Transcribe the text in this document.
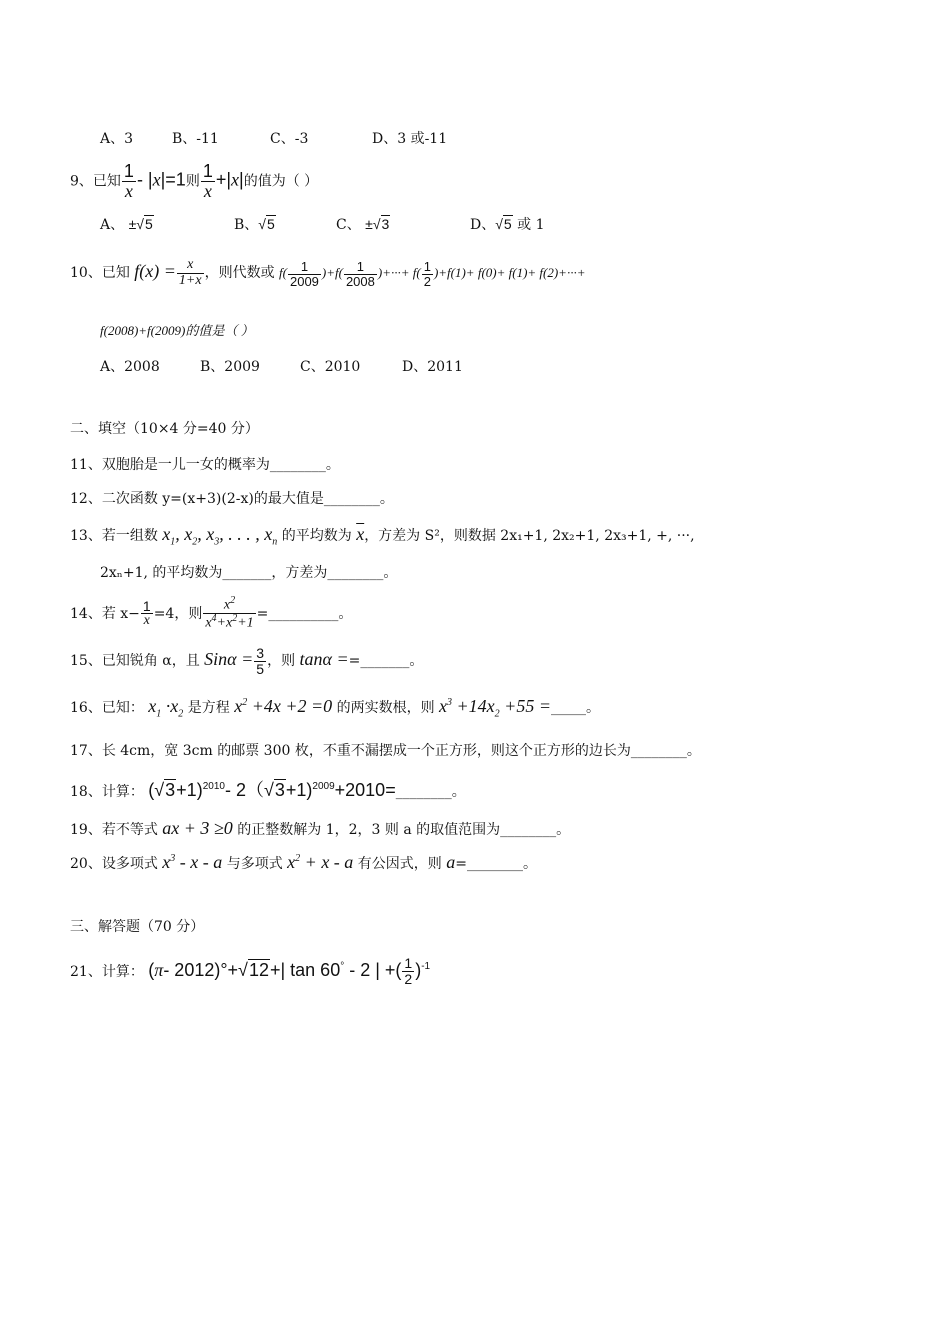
A、3	B、-11	C、-3	D、3 或-11
9、已知 $\frac{1}{x} - |x|=1$则 $\frac{1}{x} +|x|$的值为（ ）
A、 ±√5	B、√5	C、 ±√3	D、√5 或 1
10、已知 $f(x) = \frac{x}{1+x}$ ，则代数或 $f( \frac{1}{2009} )+f( \frac{1}{2008}$ )+···+ $f( \frac{1}{2} )+f(1)+ f(0)+ f(1)+ f(2)+\cdot\cdot\cdot+$
f(2008)+f(2009)的值是（ ）
A、2008	B、2009	C、2010	D、2011
二、填空（10×4 分=40 分）
11、双胞胎是一儿一女的概率为________。
12、二次函数 y=(x+3)(2-x)的最大值是________。
13、若一组数 $x_1$, $x_2$, $x_3$, . . . , $x_n$ 的平均数为 $\overline{x}$，方差为 S²，则数据 2x₁+1, 2x₂+1, 2x₃+1, +, ···,
2xₙ+1, 的平均数为_______，方差为________。
14、若 $x- \frac{1}{x} =4$，则 $\frac{x^2}{x^4+x^2+1}$ =__________。
15、已知锐角 α，且 $Sin\alpha = \frac{3}{5}$ ，则 tanα ==_______。
16、已知： $x_1 \cdot x_2$ 是方程 $x^2 +4x +2 =0$ 的两实数根，则 $x^3 +14x_2 +55$ =_____。
17、长 4cm，宽 3cm 的邮票 300 枚，不重不漏摆成一个正方形，则这个正方形的边长为________。
18、计算： $(√3+1)^{2010}-$ 2（√3+1)$^{2009}$+2010=________。
19、若不等式 ax + 3 ≥0 的正整数解为 1，2，3 则 a 的取值范围为________。
20、设多项式 $x^3$ - x - a 与多项式 $x^2 + x - a$ 有公因式，则 a=________。
三、解答题（70 分）
21、计算： (π- 2012)°+√12+| tan 60° - 2 | +( $\frac{1}{2} )^{-1}$
